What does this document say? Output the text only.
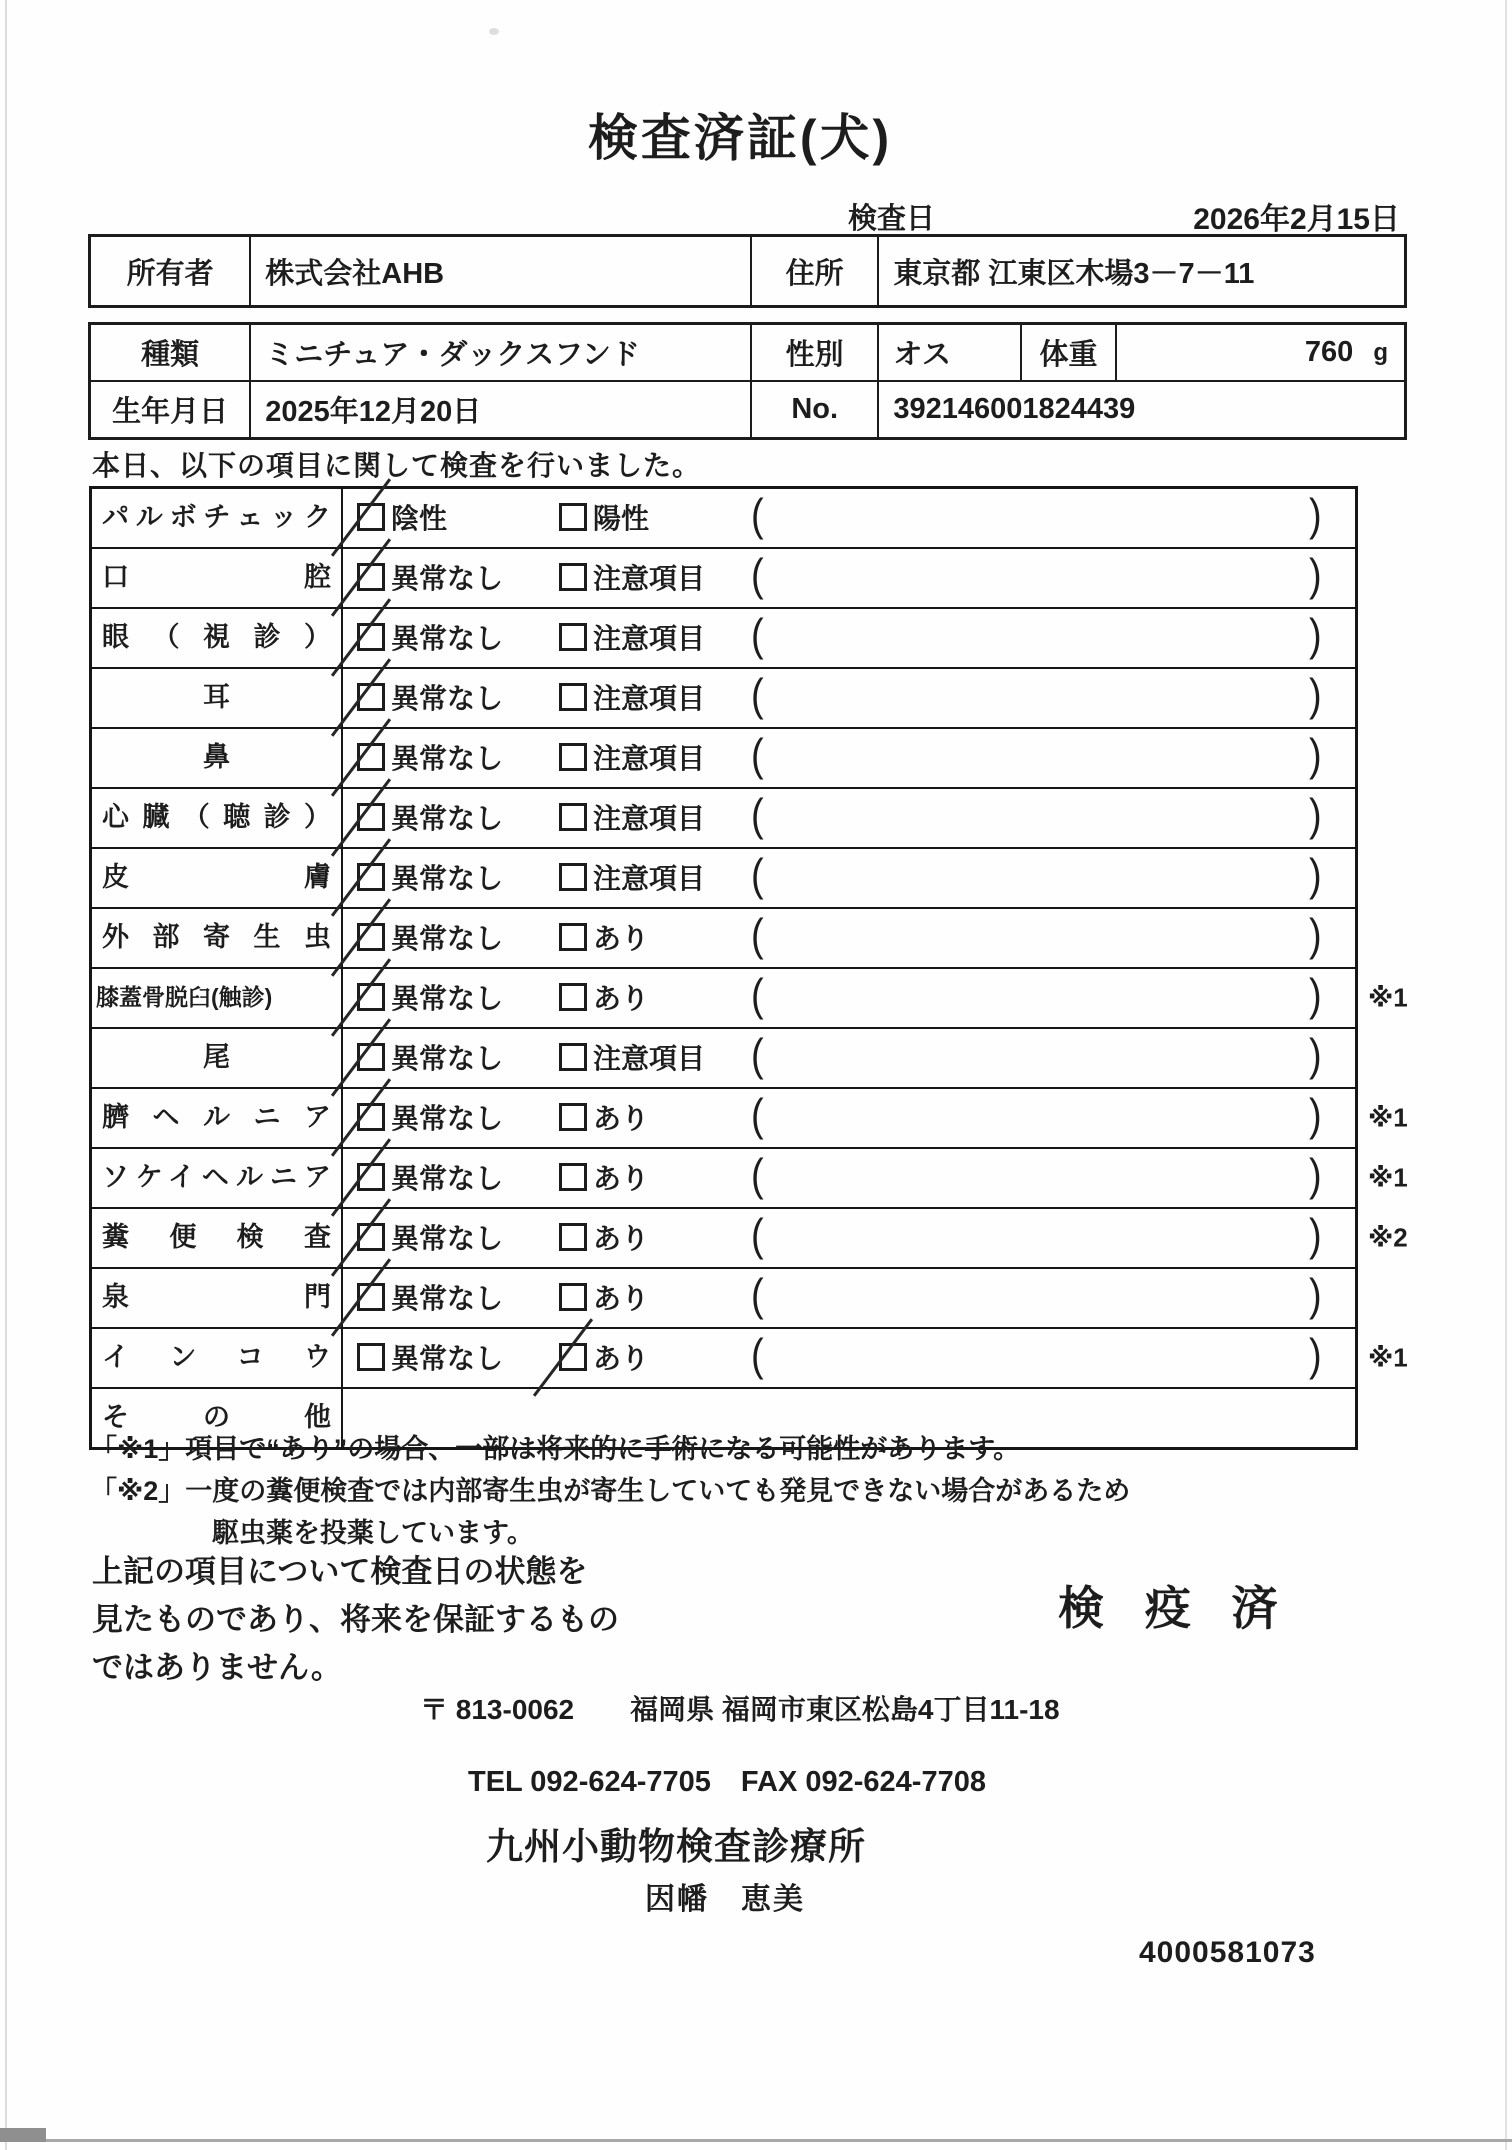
検査済証(犬)
検査日	2026年2月15日
所有者	株式会社AHB	住所	東京都 江東区木場3－7－11
種類	ミニチュア・ダックスフンド	性別	オス	体重	760 g
生年月日	2025年12月20日	No.	392146001824439
本日、以下の項目に関して検査を行いました。
パルボチェック	陰性	陽性	(	)
口腔	異常なし	注意項目 (	)
眼（視診）	異常なし	注意項目 (	)
耳	異常なし	注意項目 (	)
鼻	異常なし	注意項目 (	)
心臓（聴診）	異常なし	注意項目 (	)
皮膚	異常なし	注意項目 (	)
外部寄生虫	異常なし	あり	(	)
膝蓋骨脱臼(触診)	異常なし	あり	(	) ※1
尾	異常なし	注意項目 (	)
臍ヘルニア	異常なし	あり	(	) ※1
ソケイヘルニア	異常なし	あり	(	) ※1
糞便検査	異常なし	あり	(	) ※2
泉門	異常なし	あり	(	)
インコウ	異常なし	あり	(	) ※1
その他
「※1」項目で“あり”の場合、一部は将来的に手術になる可能性があります。
「※2」一度の糞便検査では内部寄生虫が寄生していても発見できない場合があるため
駆虫薬を投薬しています。
上記の項目について検査日の状態を
見たものであり、将来を保証するもの
ではありません。
検 疫 済
〒 813-0062 福岡県 福岡市東区松島4丁目11-18
TEL 092-624-7705 FAX 092-624-7708
九州小動物検査診療所
因幡　恵美
4000581073
